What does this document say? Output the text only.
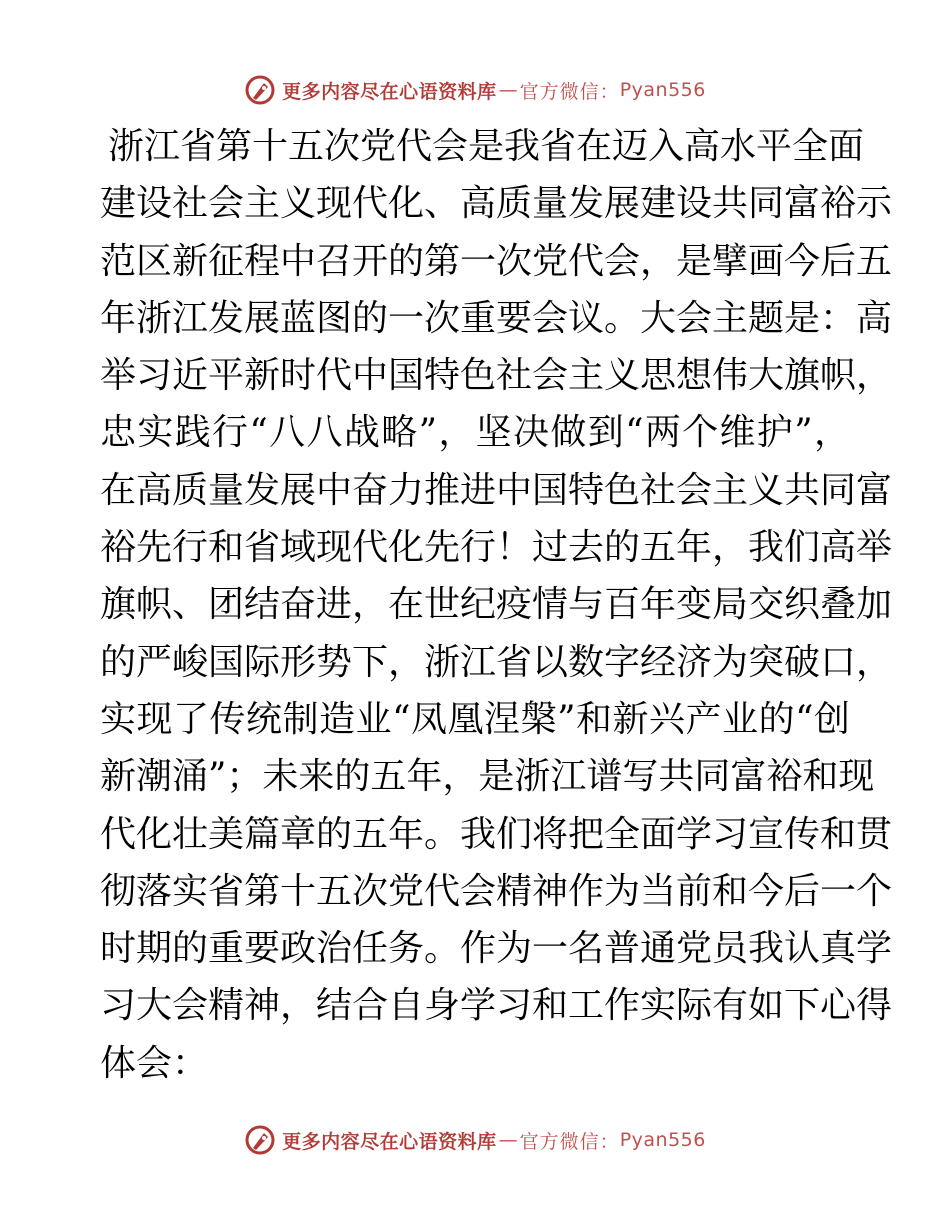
更多内容尽在心语资料库 — 官方微信： Pyan556
浙江省第十五次党代会是我省在迈入高水平全面
建设社会主义现代化、高质量发展建设共同富裕示
范区新征程中召开的第一次党代会，是擘画今后五
年浙江发展蓝图的一次重要会议。大会主题是：高
举习近平新时代中国特色社会主义思想伟大旗帜，
忠实践行“八八战略”，坚决做到“两个维护”，
在高质量发展中奋力推进中国特色社会主义共同富
裕先行和省域现代化先行！过去的五年，我们高举
旗帜、团结奋进，在世纪疫情与百年变局交织叠加
的严峻国际形势下，浙江省以数字经济为突破口，
实现了传统制造业“凤凰涅槃”和新兴产业的“创
新潮涌”；未来的五年，是浙江谱写共同富裕和现
代化壮美篇章的五年。我们将把全面学习宣传和贯
彻落实省第十五次党代会精神作为当前和今后一个
时期的重要政治任务。作为一名普通党员我认真学
习大会精神，结合自身学习和工作实际有如下心得
体会：
更多内容尽在心语资料库 — 官方微信： Pyan556
